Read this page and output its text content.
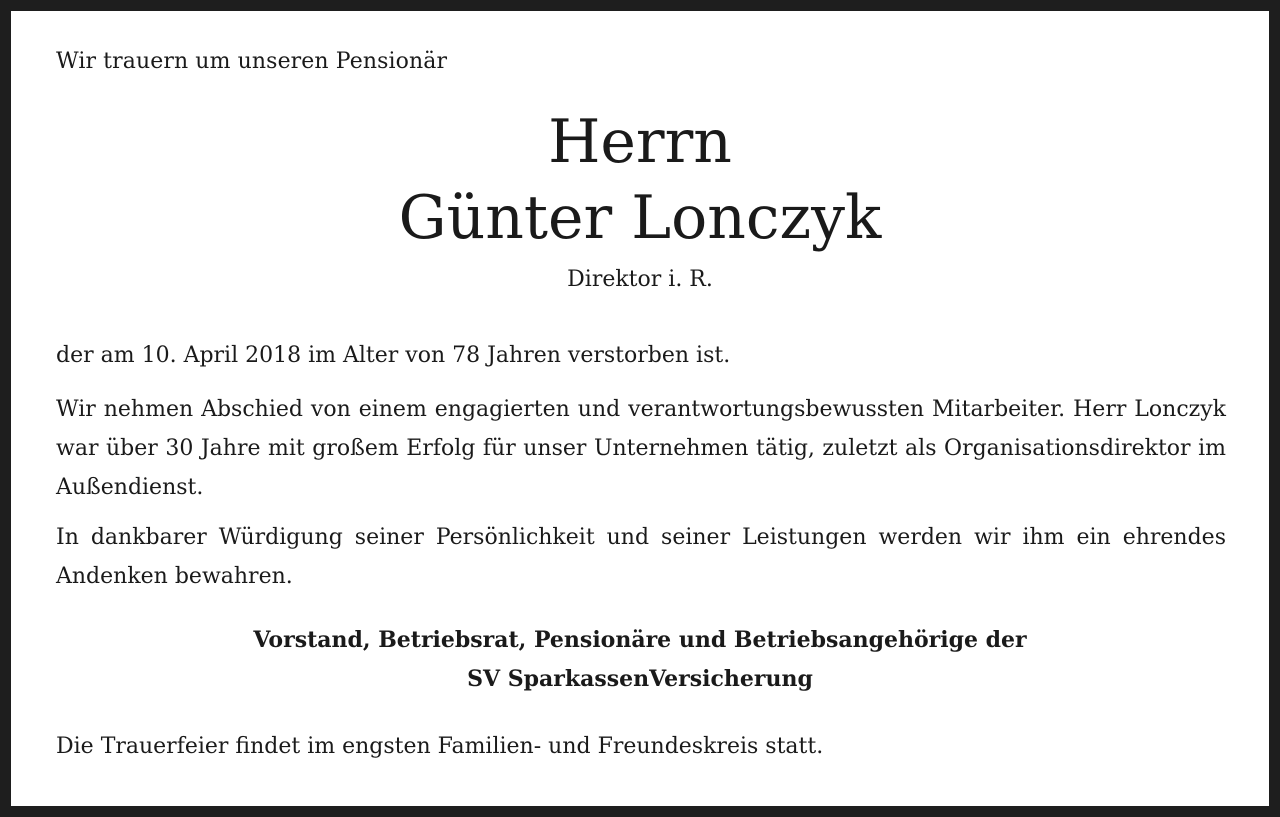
Wir trauern um unseren Pensionär
Herrn
Günter Lonczyk
Direktor i. R.
der am 10. April 2018 im Alter von 78 Jahren verstorben ist.
Wir nehmen Abschied von einem engagierten und verantwortungsbewussten Mitarbeiter. Herr Lonczyk war über 30 Jahre mit großem Erfolg für unser Unternehmen tätig, zuletzt als Organisationsdirektor im Außendienst.
In dankbarer Würdigung seiner Persönlichkeit und seiner Leistungen werden wir ihm ein ehrendes Andenken bewahren.
Vorstand, Betriebsrat, Pensionäre und Betriebsangehörige der
SV SparkassenVersicherung
Die Trauerfeier findet im engsten Familien- und Freundeskreis statt.
